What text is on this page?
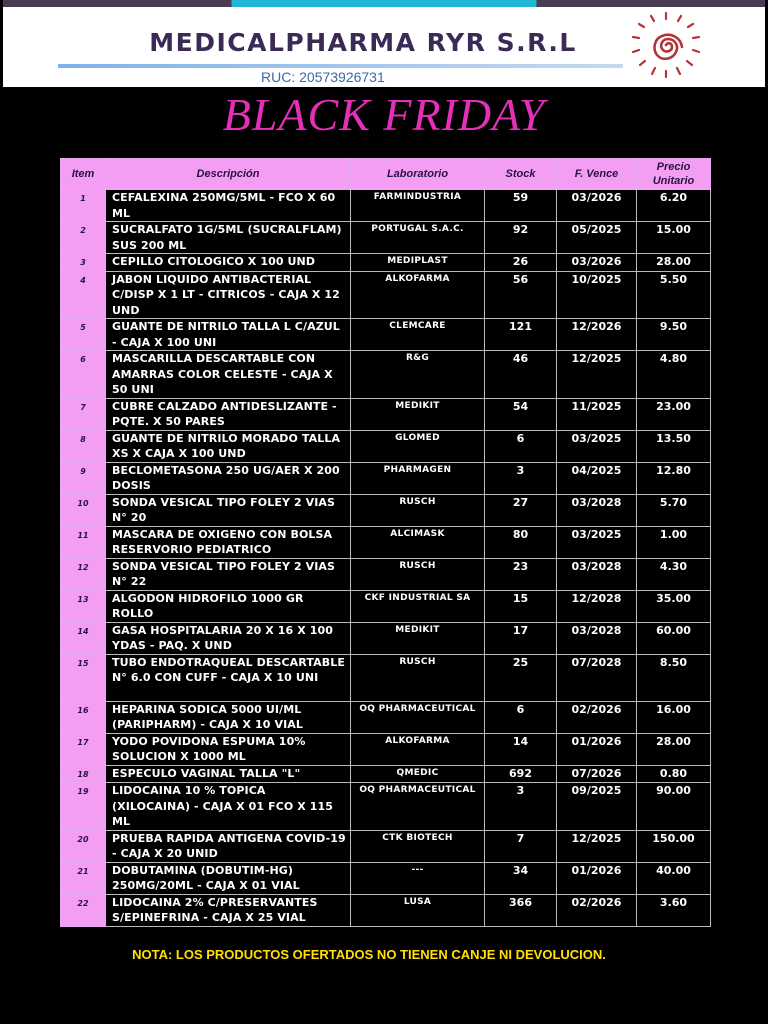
MEDICALPHARMA RYR S.R.L
RUC: 20573926731
BLACK FRIDAY
Item	Descripción	Laboratorio	Stock	F. Vence	Precio Unitario
1	CEFALEXINA 250MG/5ML - FCO X 60 ML	FARMINDUSTRIA	59	03/2026	6.20
2	SUCRALFATO 1G/5ML (SUCRALFLAM) SUS 200 ML	PORTUGAL S.A.C.	92	05/2025	15.00
3	CEPILLO CITOLOGICO X 100 UND	MEDIPLAST	26	03/2026	28.00
4	JABON LIQUIDO ANTIBACTERIAL C/DISP X 1 LT - CITRICOS - CAJA X 12 UND	ALKOFARMA	56	10/2025	5.50
5	GUANTE DE NITRILO TALLA L C/AZUL - CAJA X 100 UNI	CLEMCARE	121	12/2026	9.50
6	MASCARILLA DESCARTABLE CON AMARRAS COLOR CELESTE - CAJA X 50 UNI	R&G	46	12/2025	4.80
7	CUBRE CALZADO ANTIDESLIZANTE - PQTE. X 50 PARES	MEDIKIT	54	11/2025	23.00
8	GUANTE DE NITRILO MORADO TALLA XS X CAJA X 100 UND	GLOMED	6	03/2025	13.50
9	BECLOMETASONA 250 UG/AER X 200 DOSIS	PHARMAGEN	3	04/2025	12.80
10	SONDA VESICAL TIPO FOLEY 2 VIAS N° 20	RUSCH	27	03/2028	5.70
11	MASCARA DE OXIGENO CON BOLSA RESERVORIO PEDIATRICO	ALCIMASK	80	03/2025	1.00
12	SONDA VESICAL TIPO FOLEY 2 VIAS N° 22	RUSCH	23	03/2028	4.30
13	ALGODON HIDROFILO 1000 GR ROLLO	CKF INDUSTRIAL SA	15	12/2028	35.00
14	GASA HOSPITALARIA 20 X 16 X 100 YDAS - PAQ. X UND	MEDIKIT	17	03/2028	60.00
15	TUBO ENDOTRAQUEAL DESCARTABLE N° 6.0 CON CUFF - CAJA X 10 UNI	RUSCH	25	07/2028	8.50
16	HEPARINA SODICA 5000 UI/ML (PARIPHARM) - CAJA X 10 VIAL	OQ PHARMACEUTICAL	6	02/2026	16.00
17	YODO POVIDONA ESPUMA 10% SOLUCION X 1000 ML	ALKOFARMA	14	01/2026	28.00
18	ESPECULO VAGINAL TALLA "L"	QMEDIC	692	07/2026	0.80
19	LIDOCAINA 10 % TOPICA (XILOCAINA) - CAJA X 01 FCO X 115 ML	OQ PHARMACEUTICAL	3	09/2025	90.00
20	PRUEBA RAPIDA ANTIGENA COVID-19 - CAJA X 20 UNID	CTK BIOTECH	7	12/2025	150.00
21	DOBUTAMINA (DOBUTIM-HG) 250MG/20ML - CAJA X 01 VIAL	---	34	01/2026	40.00
22	LIDOCAINA 2% C/PRESERVANTES S/EPINEFRINA - CAJA X 25 VIAL	LUSA	366	02/2026	3.60
NOTA: LOS PRODUCTOS OFERTADOS NO TIENEN CANJE NI DEVOLUCION.
